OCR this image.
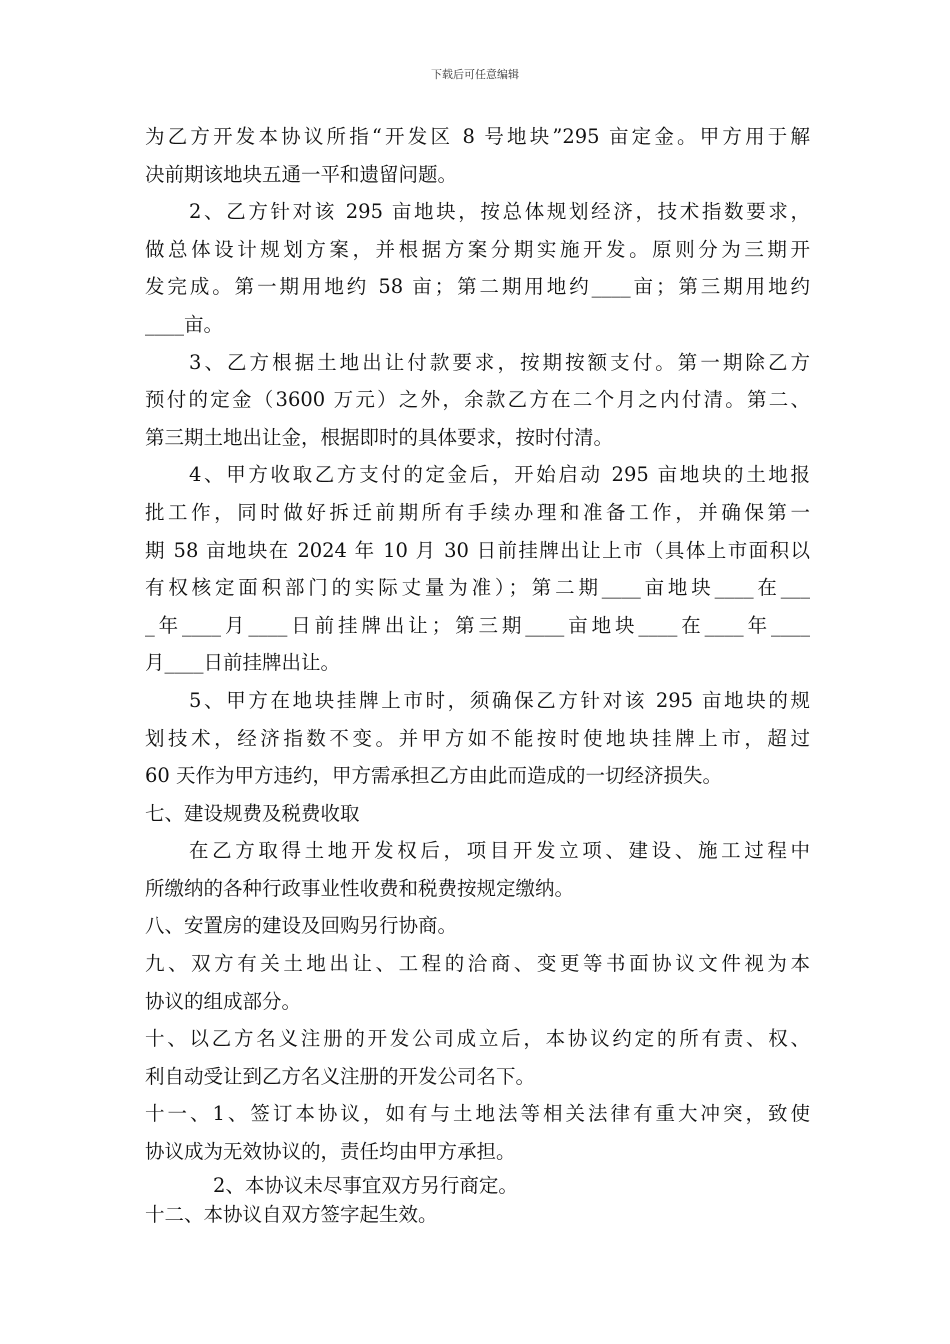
下载后可任意编辑
为乙方开发本协议所指“开发区 8 号地块”295 亩定金。甲方用于解
决前期该地块五通一平和遗留问题。
2、乙方针对该 295 亩地块，按总体规划经济，技术指数要求，
做总体设计规划方案，并根据方案分期实施开发。原则分为三期开
发完成。第一期用地约 58 亩；第二期用地约____亩；第三期用地约
____亩。
3、乙方根据土地出让付款要求，按期按额支付。第一期除乙方
预付的定金（3600 万元）之外，余款乙方在二个月之内付清。第二、
第三期土地出让金，根据即时的具体要求，按时付清。
4、甲方收取乙方支付的定金后，开始启动 295 亩地块的土地报
批工作，同时做好拆迁前期所有手续办理和准备工作，并确保第一
期 58 亩地块在 2024 年 10 月 30 日前挂牌出让上市（具体上市面积以
有权核定面积部门的实际丈量为准）；第二期____亩地块____在___
_年____月____日前挂牌出让；第三期____亩地块____在____年____
月____日前挂牌出让。
5、甲方在地块挂牌上市时，须确保乙方针对该 295 亩地块的规
划技术，经济指数不变。并甲方如不能按时使地块挂牌上市，超过
60 天作为甲方违约，甲方需承担乙方由此而造成的一切经济损失。
七、建设规费及税费收取
在乙方取得土地开发权后，项目开发立项、建设、施工过程中
所缴纳的各种行政事业性收费和税费按规定缴纳。
八、安置房的建设及回购另行协商。
九、双方有关土地出让、工程的洽商、变更等书面协议文件视为本
协议的组成部分。
十、以乙方名义注册的开发公司成立后，本协议约定的所有责、权、
利自动受让到乙方名义注册的开发公司名下。
十一、1、签订本协议，如有与土地法等相关法律有重大冲突，致使
协议成为无效协议的，责任均由甲方承担。
2、本协议未尽事宜双方另行商定。
十二、本协议自双方签字起生效。
